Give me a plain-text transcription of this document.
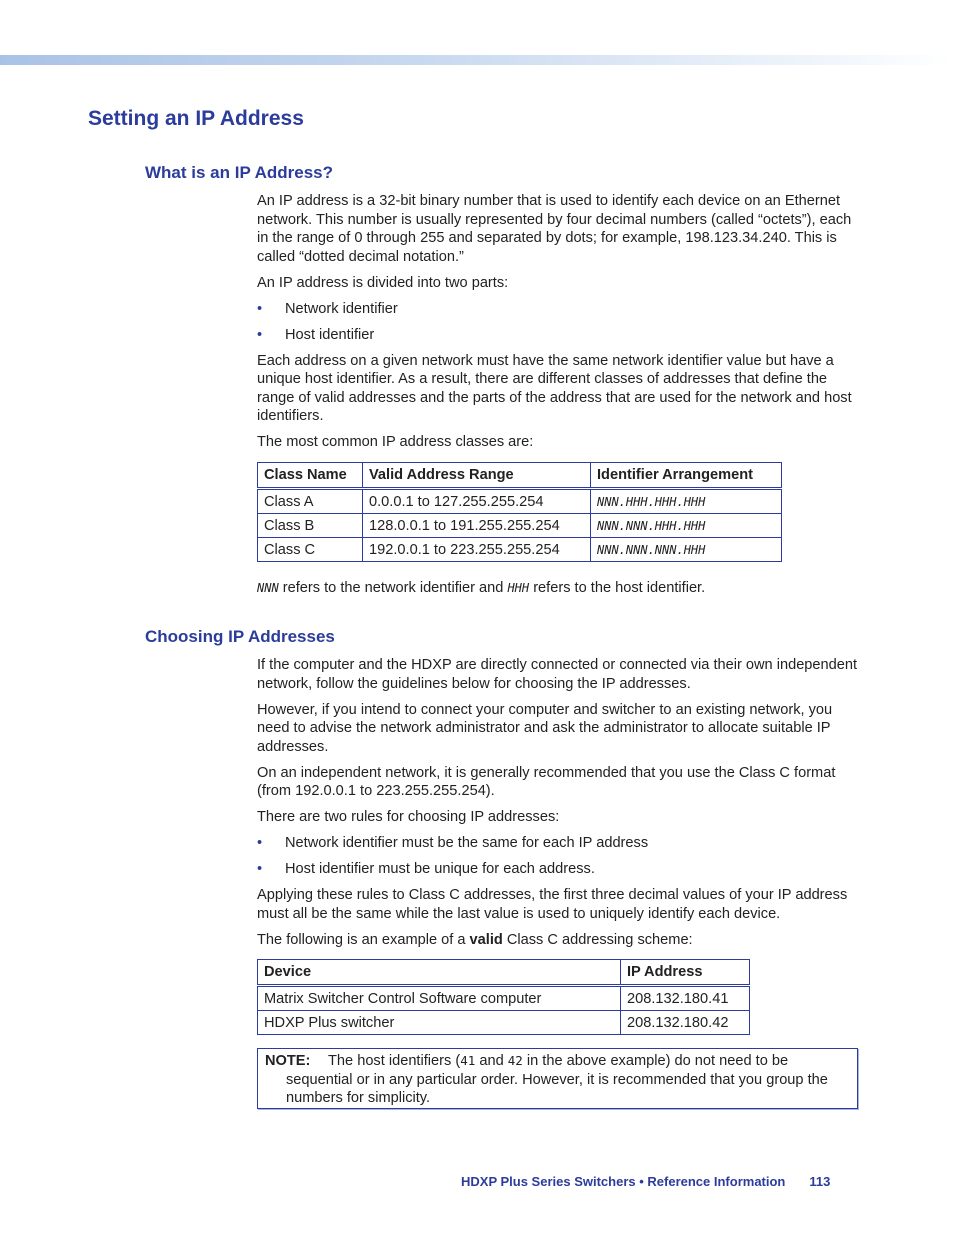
Setting an IP Address
What is an IP Address?

An IP address is a 32-bit binary number that is used to identify each device on an Ethernet network. This number is usually represented by four decimal numbers (called “octets”), each in the range of 0 through 255 and separated by dots; for example, 198.123.34.240. This is called “dotted decimal notation.”

An IP address is divided into two parts:

• Network identifier
• Host identifier

Each address on a given network must have the same network identifier value but have a unique host identifier. As a result, there are different classes of addresses that define the range of valid addresses and the parts of the address that are used for the network and host identifiers.

The most common IP address classes are:

Class Name	Valid Address Range	Identifier Arrangement
Class A	0.0.0.1 to 127.255.255.254	NNN.HHH.HHH.HHH
Class B	128.0.0.1 to 191.255.255.254	NNN.NNN.HHH.HHH
Class C	192.0.0.1 to 223.255.255.254	NNN.NNN.NNN.HHH

NNN refers to the network identifier and HHH refers to the host identifier.

Choosing IP Addresses

If the computer and the HDXP are directly connected or connected via their own independent network, follow the guidelines below for choosing the IP addresses.

However, if you intend to connect your computer and switcher to an existing network, you need to advise the network administrator and ask the administrator to allocate suitable IP addresses.

On an independent network, it is generally recommended that you use the Class C format (from 192.0.0.1 to 223.255.255.254).

There are two rules for choosing IP addresses:

• Network identifier must be the same for each IP address
• Host identifier must be unique for each address.

Applying these rules to Class C addresses, the first three decimal values of your IP address must all be the same while the last value is used to uniquely identify each device.

The following is an example of a valid Class C addressing scheme:

Device	IP Address
Matrix Switcher Control Software computer	208.132.180.41
HDXP Plus switcher	208.132.180.42
NOTE:	The host identifiers (41 and 42 in the above example) do not need to be sequential or in any particular order. However, it is recommended that you group the numbers for simplicity.
HDXP Plus Series Switchers • Reference Information 113
